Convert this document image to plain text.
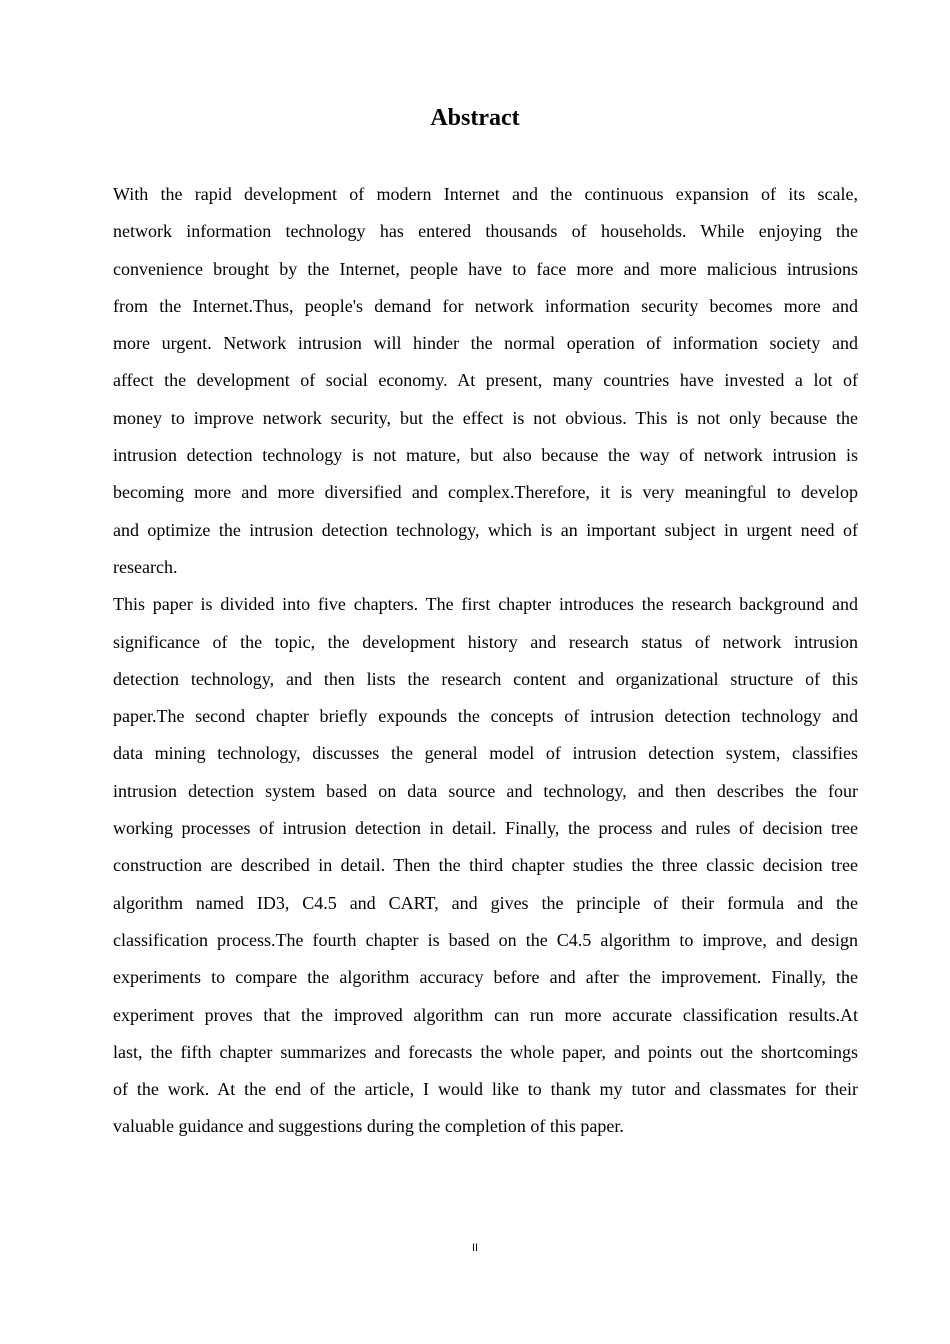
Abstract
With the rapid development of modern Internet and the continuous expansion of its scale,
network information technology has entered thousands of households. While enjoying the
convenience brought by the Internet, people have to face more and more malicious intrusions
from the Internet.Thus, people's demand for network information security becomes more and
more urgent. Network intrusion will hinder the normal operation of information society and
affect the development of social economy. At present, many countries have invested a lot of
money to improve network security, but the effect is not obvious. This is not only because the
intrusion detection technology is not mature, but also because the way of network intrusion is
becoming more and more diversified and complex.Therefore, it is very meaningful to develop
and optimize the intrusion detection technology, which is an important subject in urgent need of
research.
This paper is divided into five chapters. The first chapter introduces the research background and
significance of the topic, the development history and research status of network intrusion
detection technology, and then lists the research content and organizational structure of this
paper.The second chapter briefly expounds the concepts of intrusion detection technology and
data mining technology, discusses the general model of intrusion detection system, classifies
intrusion detection system based on data source and technology, and then describes the four
working processes of intrusion detection in detail. Finally, the process and rules of decision tree
construction are described in detail. Then the third chapter studies the three classic decision tree
algorithm named ID3, C4.5 and CART, and gives the principle of their formula and the
classification process.The fourth chapter is based on the C4.5 algorithm to improve, and design
experiments to compare the algorithm accuracy before and after the improvement. Finally, the
experiment proves that the improved algorithm can run more accurate classification results.At
last, the fifth chapter summarizes and forecasts the whole paper, and points out the shortcomings
of the work. At the end of the article, I would like to thank my tutor and classmates for their
valuable guidance and suggestions during the completion of this paper.
II
